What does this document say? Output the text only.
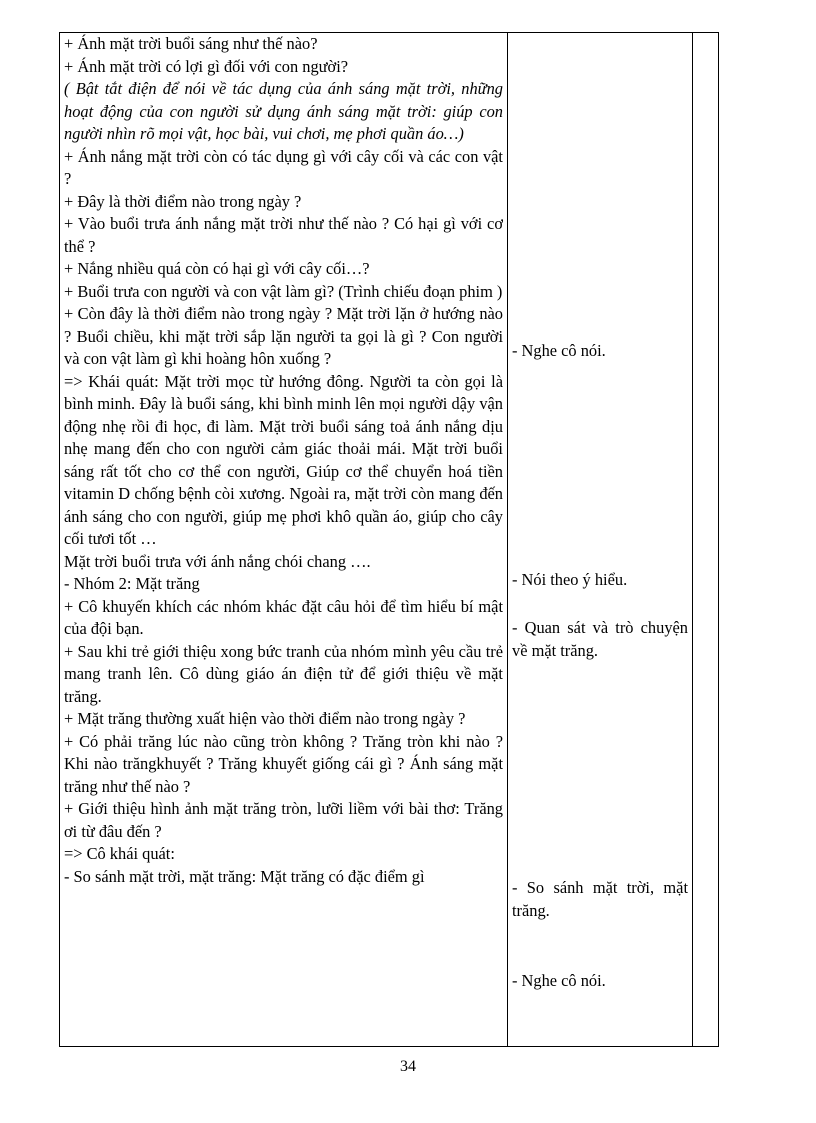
+ Ánh mặt trời buổi sáng như thế nào?

+ Ánh mặt trời có lợi gì đối với con người?

( Bật tắt điện để nói về tác dụng của ánh sáng mặt trời, những hoạt động của con người sử dụng ánh sáng mặt trời: giúp con người nhìn rõ mọi vật, học bài, vui chơi, mẹ phơi quần áo…)

+ Ánh nắng mặt trời còn có tác dụng gì với cây cối và các con vật ?

+ Đây là thời điểm nào trong ngày ?

+ Vào buổi trưa ánh nắng mặt trời như thế nào ? Có hại gì với cơ thể ?

+ Nắng nhiều quá còn có hại gì với cây cối…?

+ Buổi trưa con người và con vật làm gì? (Trình chiếu đoạn phim )

+ Còn đây là thời điểm nào trong ngày ? Mặt trời lặn ở hướng nào ? Buổi chiều, khi mặt trời sắp lặn người ta gọi là gì ? Con người và con vật làm gì khi hoàng hôn xuống ?

=> Khái quát: Mặt trời mọc từ hướng đông. Người ta còn gọi là bình minh. Đây là buổi sáng, khi bình minh lên mọi người dậy vận động nhẹ rồi đi học, đi làm. Mặt trời buổi sáng toả ánh nắng dịu nhẹ mang đến cho con người cảm giác thoải mái. Mặt trời buổi sáng rất tốt cho cơ thể con người, Giúp cơ thể chuyển hoá tiền vitamin D chống bệnh còi xương. Ngoài ra, mặt trời còn mang đến ánh sáng cho con người, giúp mẹ phơi khô quần áo, giúp cho cây cối tươi tốt …

Mặt trời buổi trưa với ánh nắng chói chang ….

- Nhóm 2: Mặt trăng

+ Cô khuyến khích các nhóm khác đặt câu hỏi để tìm hiểu bí mật của đội bạn.

+ Sau khi trẻ giới thiệu xong bức tranh của nhóm mình yêu cầu trẻ mang tranh lên. Cô dùng giáo án điện tử để giới thiệu về mặt trăng.

+ Mặt trăng thường xuất hiện vào thời điểm nào trong ngày ?

+ Có phải trăng lúc nào cũng tròn không ? Trăng tròn khi nào ? Khi nào trăngkhuyết ? Trăng khuyết giống cái gì ? Ánh sáng mặt trăng như thế nào ?

+ Giới thiệu hình ảnh mặt trăng tròn, lưỡi liềm với bài thơ: Trăng ơi từ đâu đến ?

=> Cô khái quát:

- So sánh mặt trời, mặt trăng: Mặt trăng có đặc điểm gì

- Nghe cô nói.

- Nói theo ý hiểu.

- Quan sát và trò chuyện về mặt trăng.

- So sánh mặt trời, mặt trăng.

- Nghe cô nói.

34
